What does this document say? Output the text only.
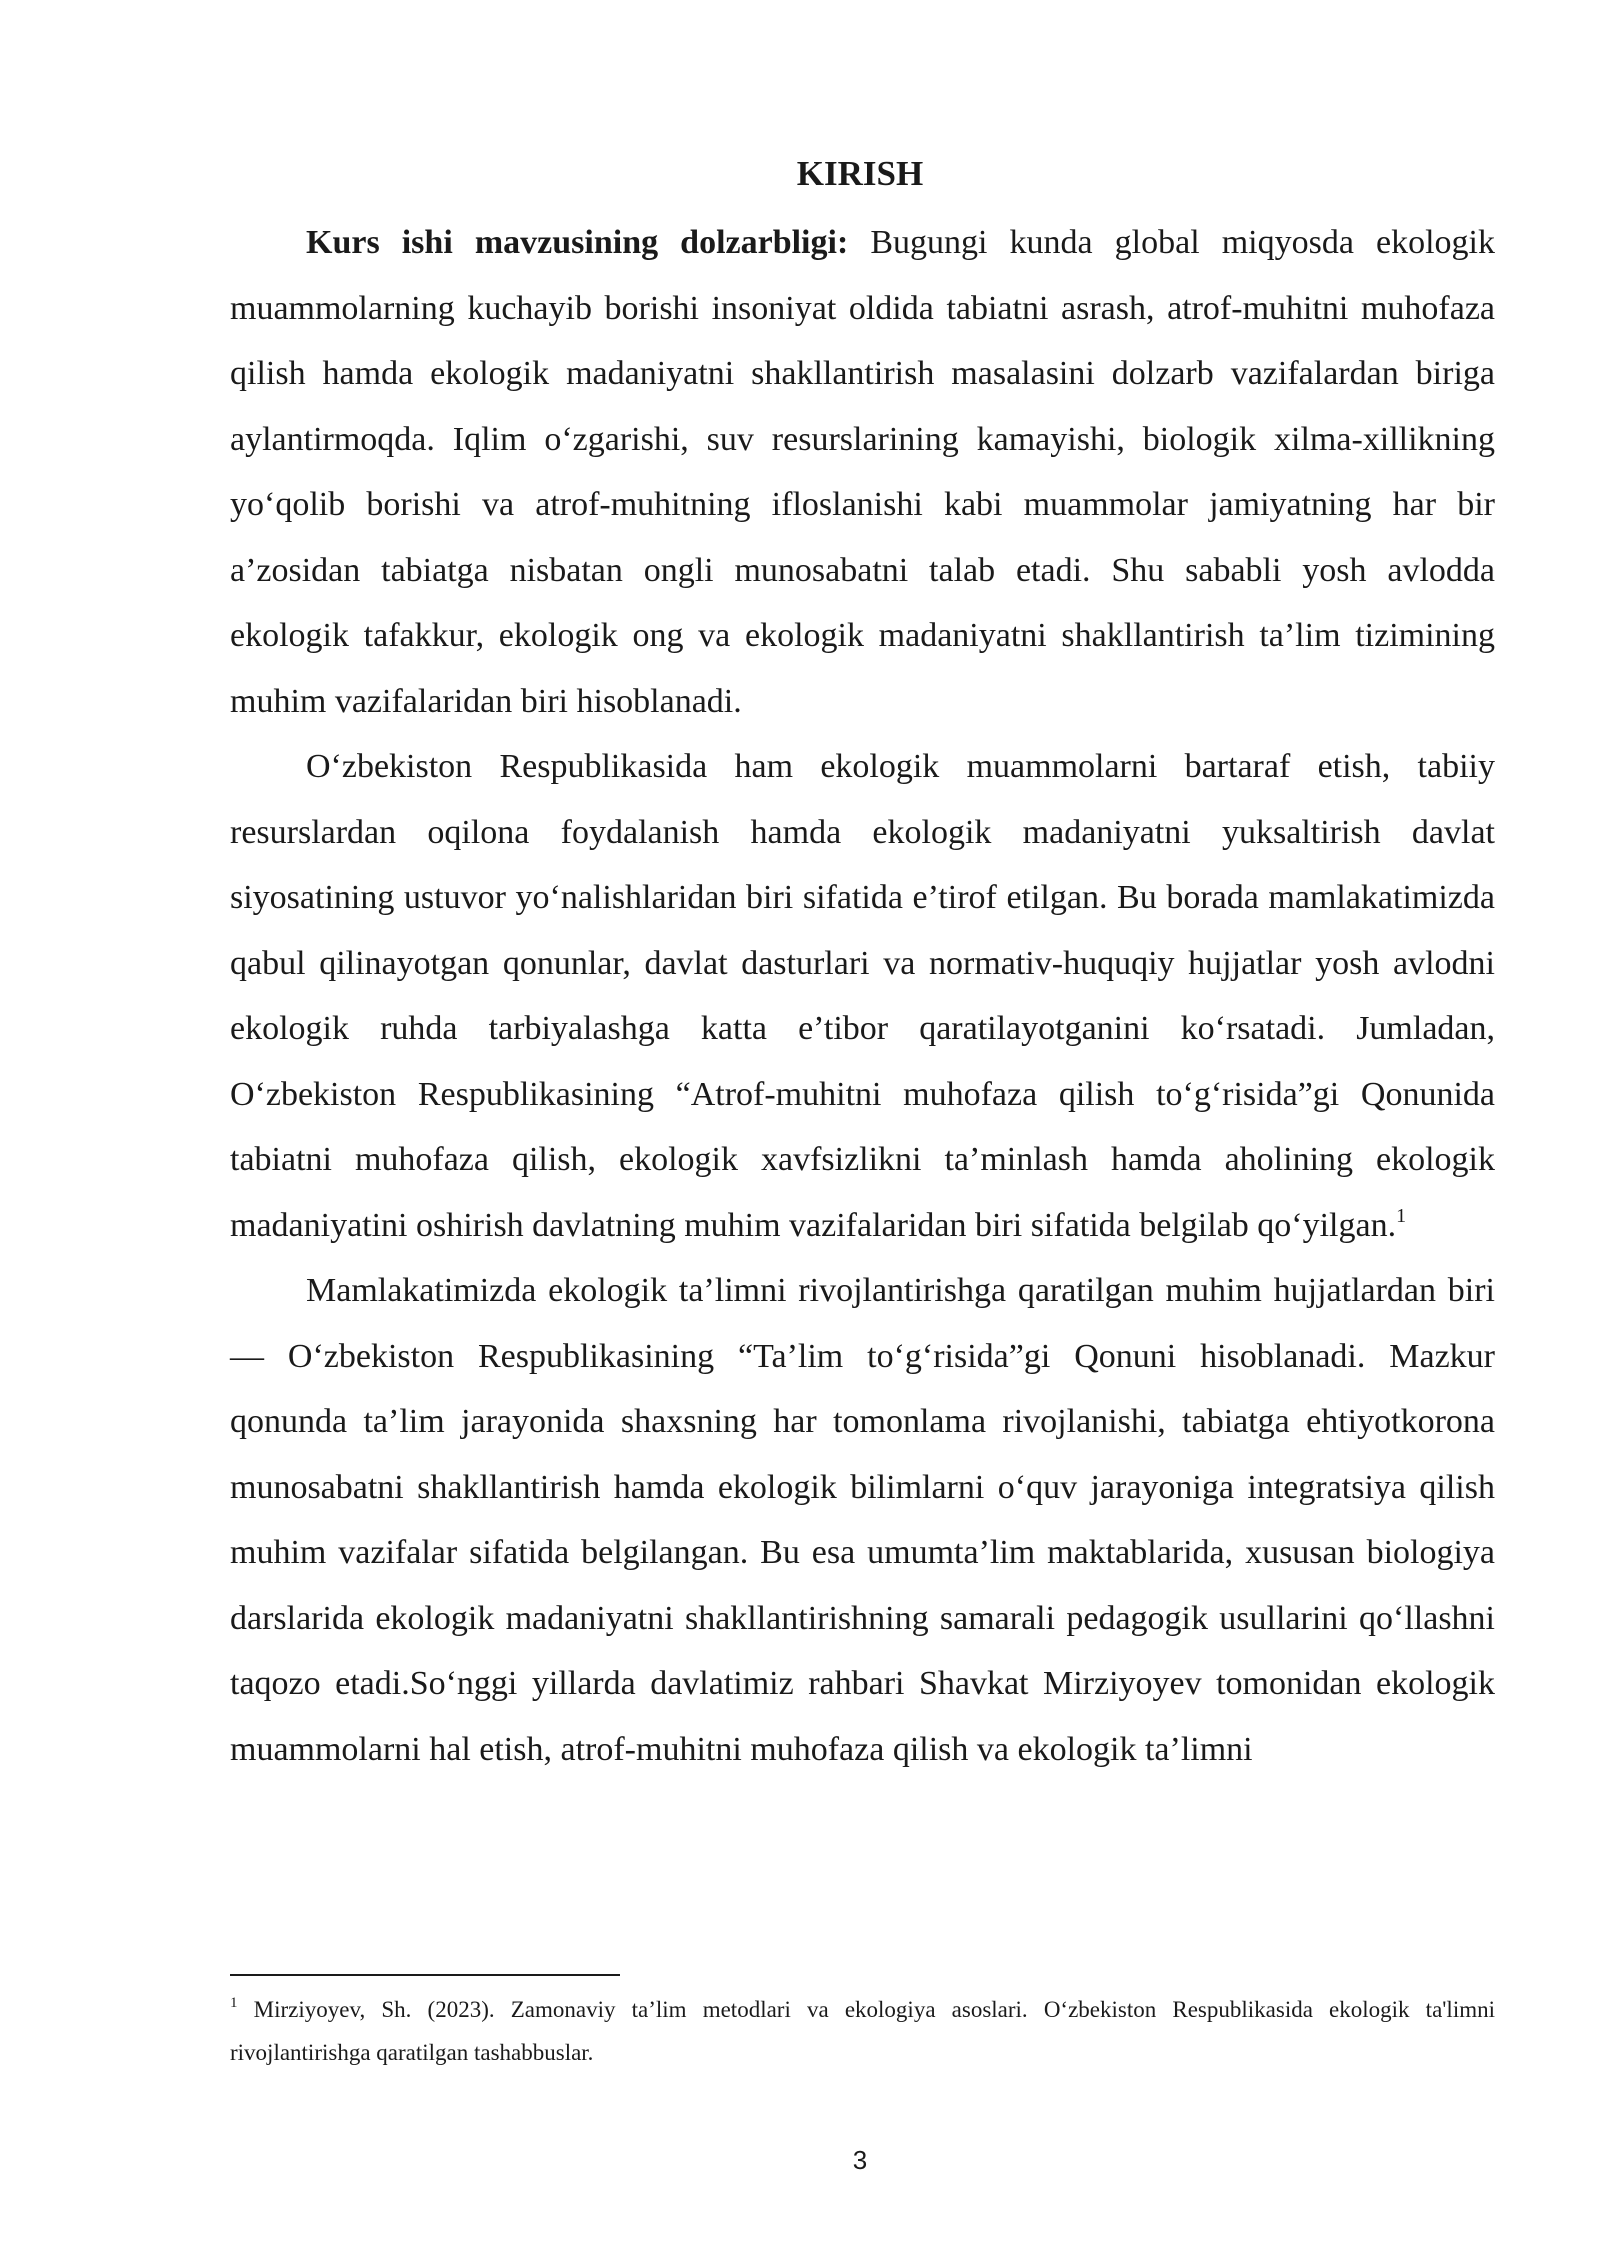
KIRISH

Kurs ishi mavzusining dolzarbligi: Bugungi kunda global miqyosda ekologik muammolarning kuchayib borishi insoniyat oldida tabiatni asrash, atrof-muhitni muhofaza qilish hamda ekologik madaniyatni shakllantirish masalasini dolzarb vazifalardan biriga aylantirmoqda. Iqlim o‘zgarishi, suv resurslarining kamayishi, biologik xilma-xillikning yo‘qolib borishi va atrof-muhitning ifloslanishi kabi muammolar jamiyatning har bir a’zosidan tabiatga nisbatan ongli munosabatni talab etadi. Shu sababli yosh avlodda ekologik tafakkur, ekologik ong va ekologik madaniyatni shakllantirish ta’lim tizimining muhim vazifalaridan biri hisoblanadi.

O‘zbekiston Respublikasida ham ekologik muammolarni bartaraf etish, tabiiy resurslardan oqilona foydalanish hamda ekologik madaniyatni yuksaltirish davlat siyosatining ustuvor yo‘nalishlaridan biri sifatida e’tirof etilgan. Bu borada mamlakatimizda qabul qilinayotgan qonunlar, davlat dasturlari va normativ-huquqiy hujjatlar yosh avlodni ekologik ruhda tarbiyalashga katta e’tibor qaratilayotganini ko‘rsatadi. Jumladan, O‘zbekiston Respublikasining “Atrof-muhitni muhofaza qilish to‘g‘risida”gi Qonunida tabiatni muhofaza qilish, ekologik xavfsizlikni ta’minlash hamda aholining ekologik madaniyatini oshirish davlatning muhim vazifalaridan biri sifatida belgilab qo‘yilgan.$^1$

Mamlakatimizda ekologik ta’limni rivojlantirishga qaratilgan muhim hujjatlardan biri — O‘zbekiston Respublikasining “Ta’lim to‘g‘risida”gi Qonuni hisoblanadi. Mazkur qonunda ta’lim jarayonida shaxsning har tomonlama rivojlanishi, tabiatga ehtiyotkorona munosabatni shakllantirish hamda ekologik bilimlarni o‘quv jarayoniga integratsiya qilish muhim vazifalar sifatida belgilangan. Bu esa umumta’lim maktablarida, xususan biologiya darslarida ekologik madaniyatni shakllantirishning samarali pedagogik usullarini qo‘llashni taqozo etadi.So‘nggi yillarda davlatimiz rahbari Shavkat Mirziyoyev tomonidan ekologik muammolarni hal etish, atrof-muhitni muhofaza qilish va ekologik ta’limni

$^1$ Mirziyoyev, Sh. (2023). Zamonaviy ta’lim metodlari va ekologiya asoslari. O‘zbekiston Respublikasida ekologik ta'limni rivojlantirishga qaratilgan tashabbuslar.

3
